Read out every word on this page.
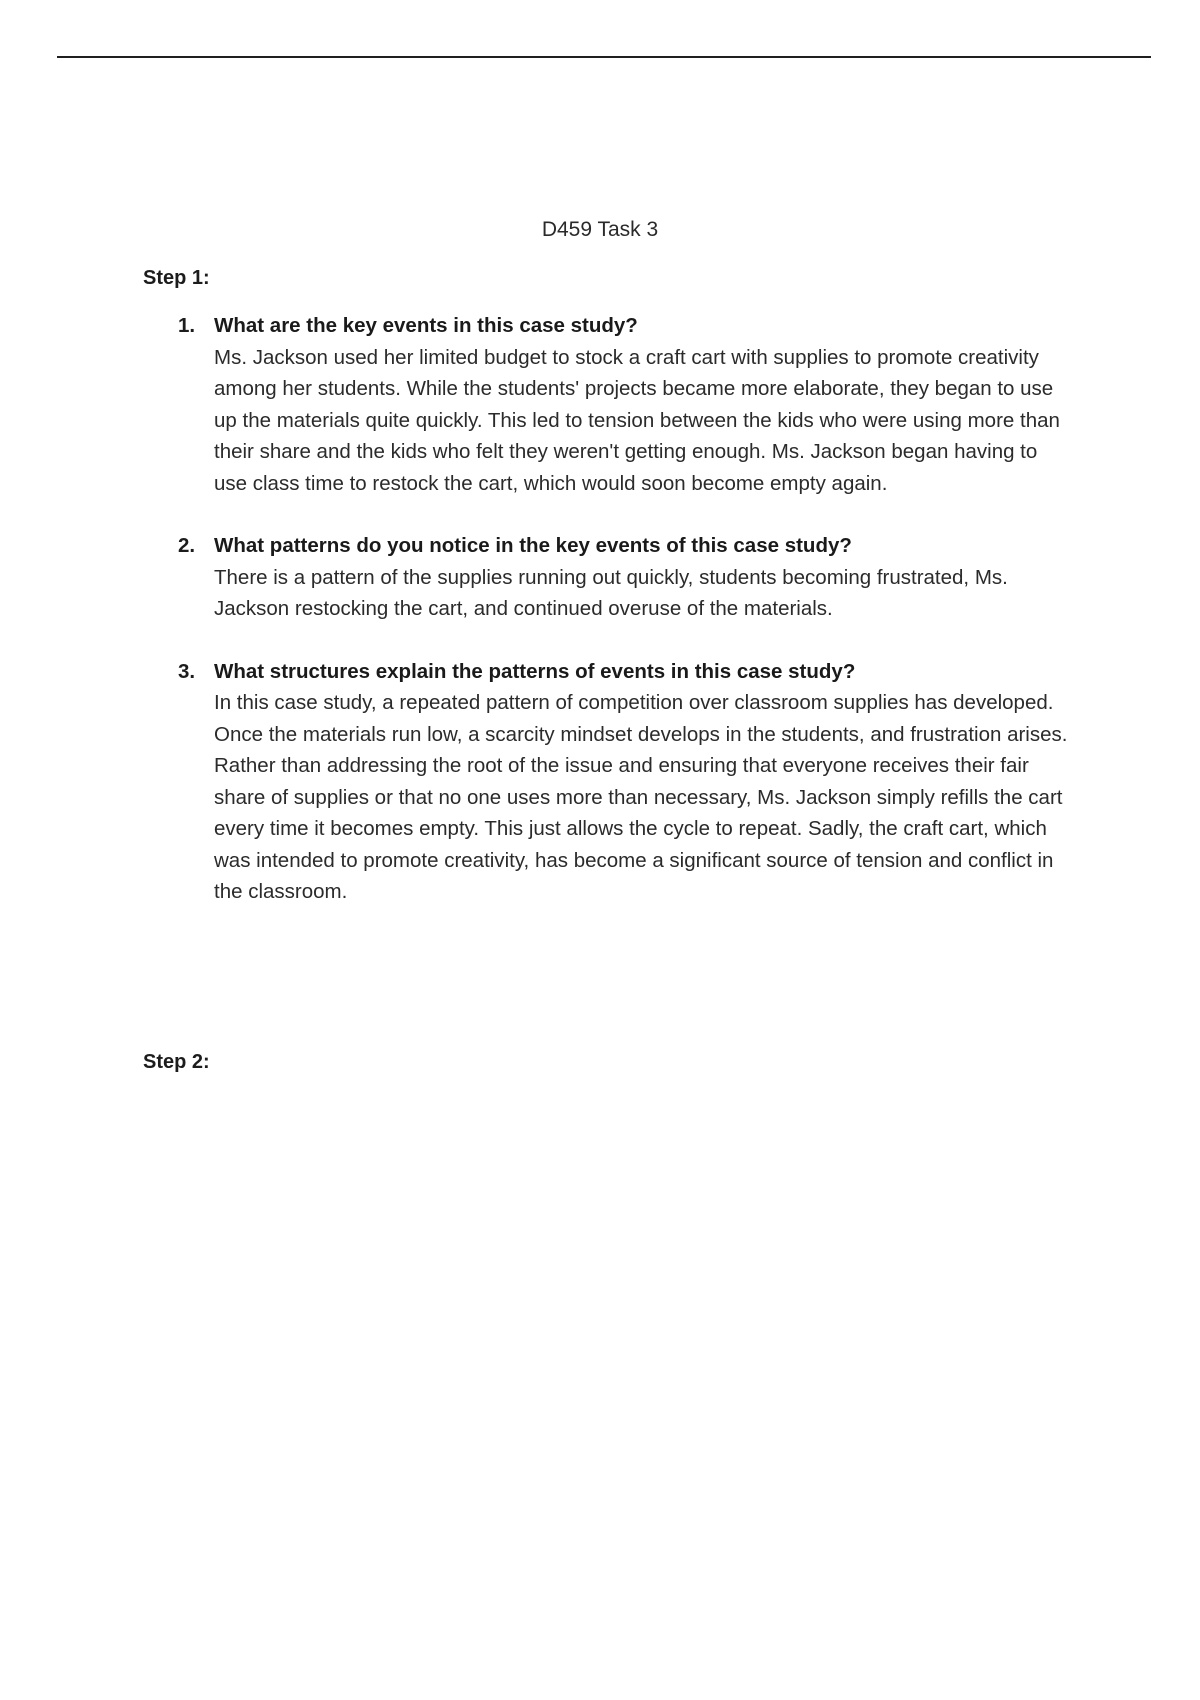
D459 Task 3
Step 1:
1. What are the key events in this case study?

Ms. Jackson used her limited budget to stock a craft cart with supplies to promote creativity among her students. While the students' projects became more elaborate, they began to use up the materials quite quickly. This led to tension between the kids who were using more than their share and the kids who felt they weren't getting enough. Ms. Jackson began having to use class time to restock the cart, which would soon become empty again.

2. What patterns do you notice in the key events of this case study?

There is a pattern of the supplies running out quickly, students becoming frustrated, Ms. Jackson restocking the cart, and continued overuse of the materials.

3. What structures explain the patterns of events in this case study?

In this case study, a repeated pattern of competition over classroom supplies has developed. Once the materials run low, a scarcity mindset develops in the students, and frustration arises. Rather than addressing the root of the issue and ensuring that everyone receives their fair share of supplies or that no one uses more than necessary, Ms. Jackson simply refills the cart every time it becomes empty. This just allows the cycle to repeat. Sadly, the craft cart, which was intended to promote creativity, has become a significant source of tension and conflict in the classroom.

Step 2:
